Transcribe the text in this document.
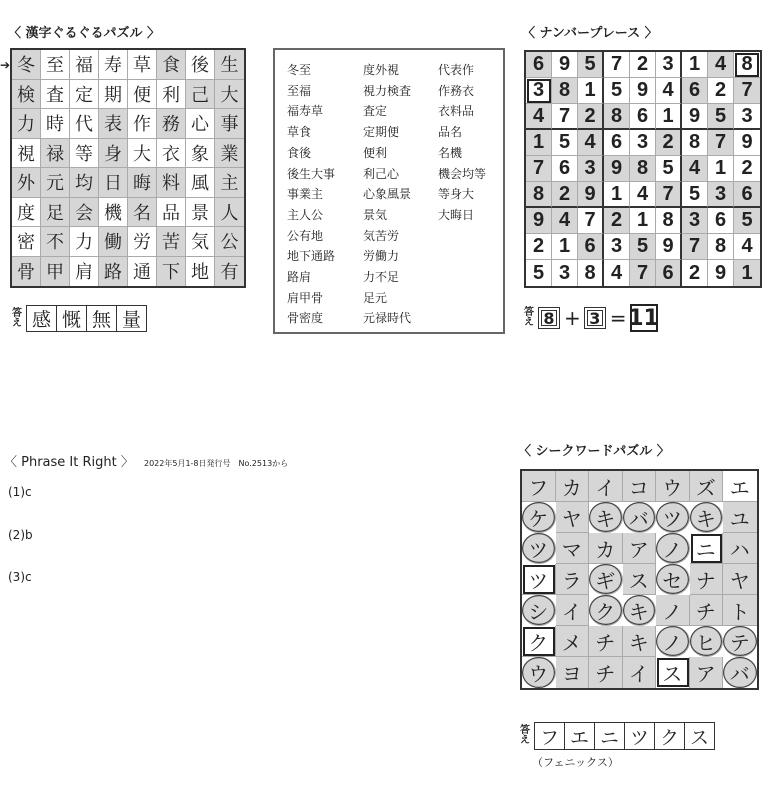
〈 漢字ぐるぐるパズル 〉
➔ 冬 至 福 寿 草 食 後 生
検 査 定 期 便 利 己 大
力 時 代 表 作 務 心 事
視 禄 等 身 大 衣 象 業
外 元 均 日 晦 料 風 主
度 足 会 機 名 品 景 人
密 不 力 働 労 苦 気 公
骨 甲 肩 路 通 下 地 有
答え 感 慨 無 量
冬至
至福
福寿草
草食
食後
後生大事
事業主
主人公
公有地
地下通路
路肩
肩甲骨
骨密度
度外視
視力検査
査定
定期便
便利
利己心
心象風景
景気
気苦労
労働力
力不足
足元
元禄時代
代表作
作務衣
衣料品
品名
名機
機会均等
等身大
大晦日
〈 ナンバープレース 〉
6 9 5 7 2 3 1 4 8
3 8 1 5 9 4 6 2 7
4 7 2 8 6 1 9 5 3
1 5 4 6 3 2 8 7 9
7 6 3 9 8 5 4 1 2
8 2 9 1 4 7 5 3 6
9 4 7 2 1 8 3 6 5
2 1 6 3 5 9 7 8 4
5 3 8 4 7 6 2 9 1
答え 8 + 3 = 11
〈 Phrase It Right 〉 2022年5月1-8日発行号　No.2513から
(1)c
(2)b
(3)c
〈 シークワードパズル 〉
フ カ イ コ ウ ズ エ
ケ ヤ キ バ ツ キ ユ
ツ マ カ ア ノ ニ ハ
ツ ラ ギ ス セ ナ ヤ
シ イ ク キ ノ チ ト
ク メ チ キ ノ ヒ テ
ウ ヨ チ イ ス ア バ
答え フ エ ニ ツ ク ス
（フェニックス）
